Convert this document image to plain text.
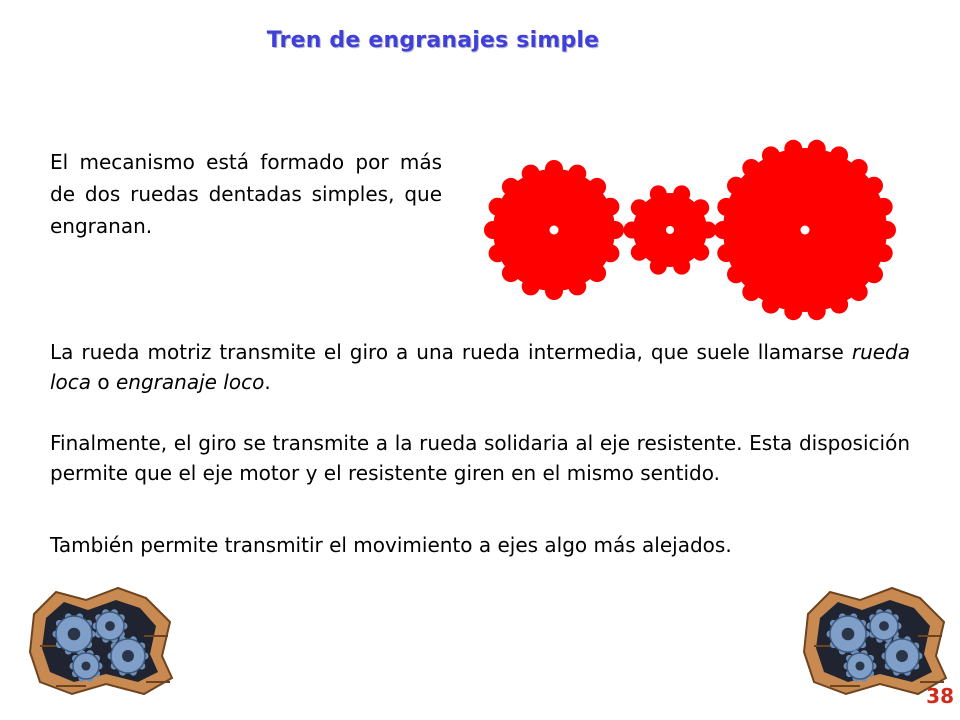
Tren de engranajes simple
El mecanismo está formado por más de dos ruedas dentadas simples, que engranan.
La rueda motriz transmite el giro a una rueda intermedia, que suele llamarse rueda loca o engranaje loco.
Finalmente, el giro se transmite a la rueda solidaria al eje resistente. Esta disposición permite que el eje motor y el resistente giren en el mismo sentido.
También permite transmitir el movimiento a ejes algo más alejados.
38
